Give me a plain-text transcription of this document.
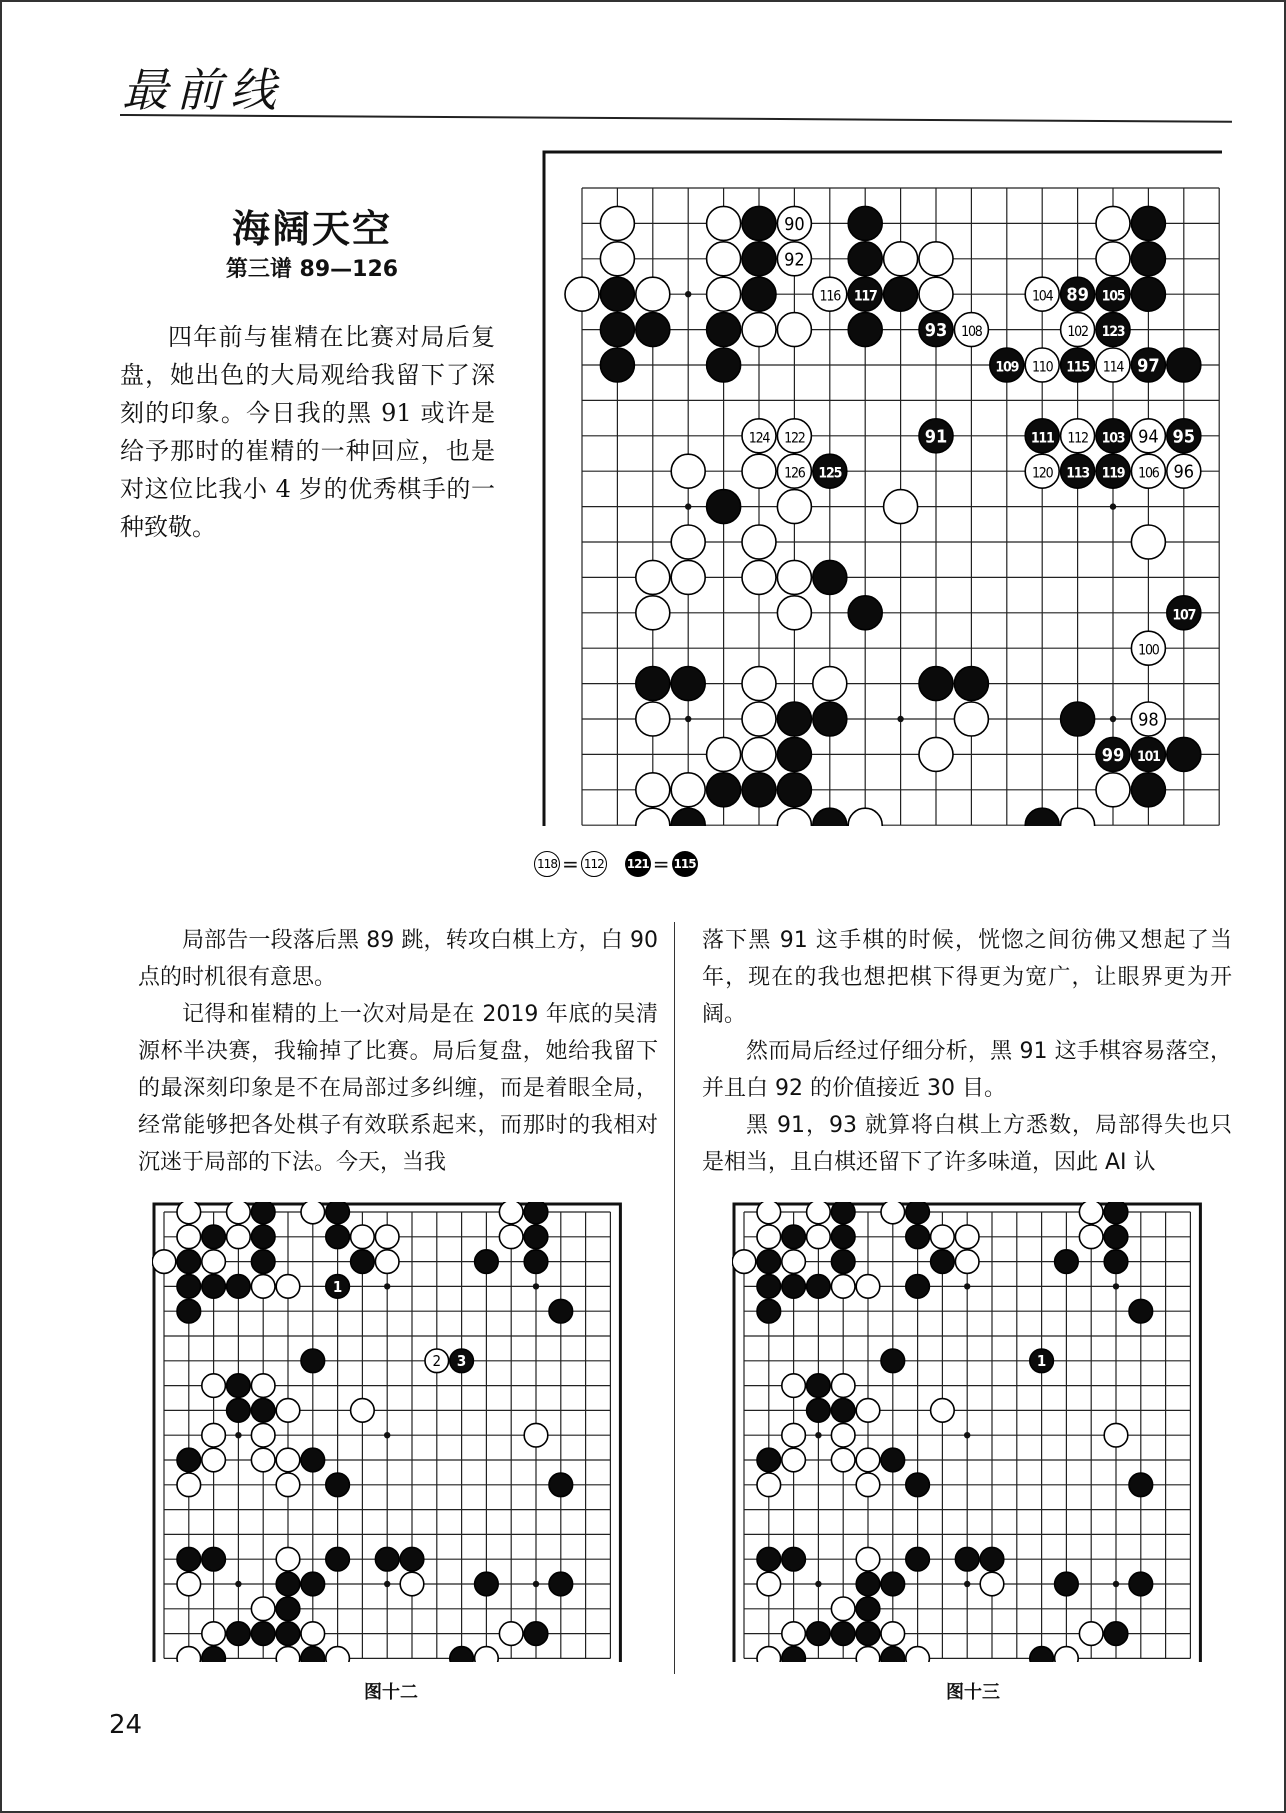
最前线
海阔天空
第三谱 89—126

四年前与崔精在比赛对局后复盘，她出色的大局观给我留下了深刻的印象。今日我的黑 91 或许是给予那时的崔精的一种回应，也是对这位比我小 4 岁的优秀棋手的一种致敬。

89
90
91
92
93
94 95
96
97
98
99
100
101
102
103
104	105
106
107
108
109 110
111 112
113
114
115
116 117
119
120
122
123
124
125
126
118 = 112 121 = 115

局部告一段落后黑 89 跳，转攻白棋上方，白 90 点的时机很有意思。

记得和崔精的上一次对局是在 2019 年底的吴清源杯半决赛，我输掉了比赛。局后复盘，她给我留下的最深刻印象是不在局部过多纠缠，而是着眼全局，经常能够把各处棋子有效联系起来，而那时的我相对沉迷于局部的下法。今天，当我

落下黑 91 这手棋的时候，恍惚之间彷佛又想起了当年，现在的我也想把棋下得更为宽广，让眼界更为开阔。

然而局后经过仔细分析，黑 91 这手棋容易落空，并且白 92 的价值接近 30 目。

黑 91，93 就算将白棋上方悉数，局部得失也只是相当，且白棋还留下了许多味道，因此 AI 认

1
2 3	1
图十二	图十三
24
